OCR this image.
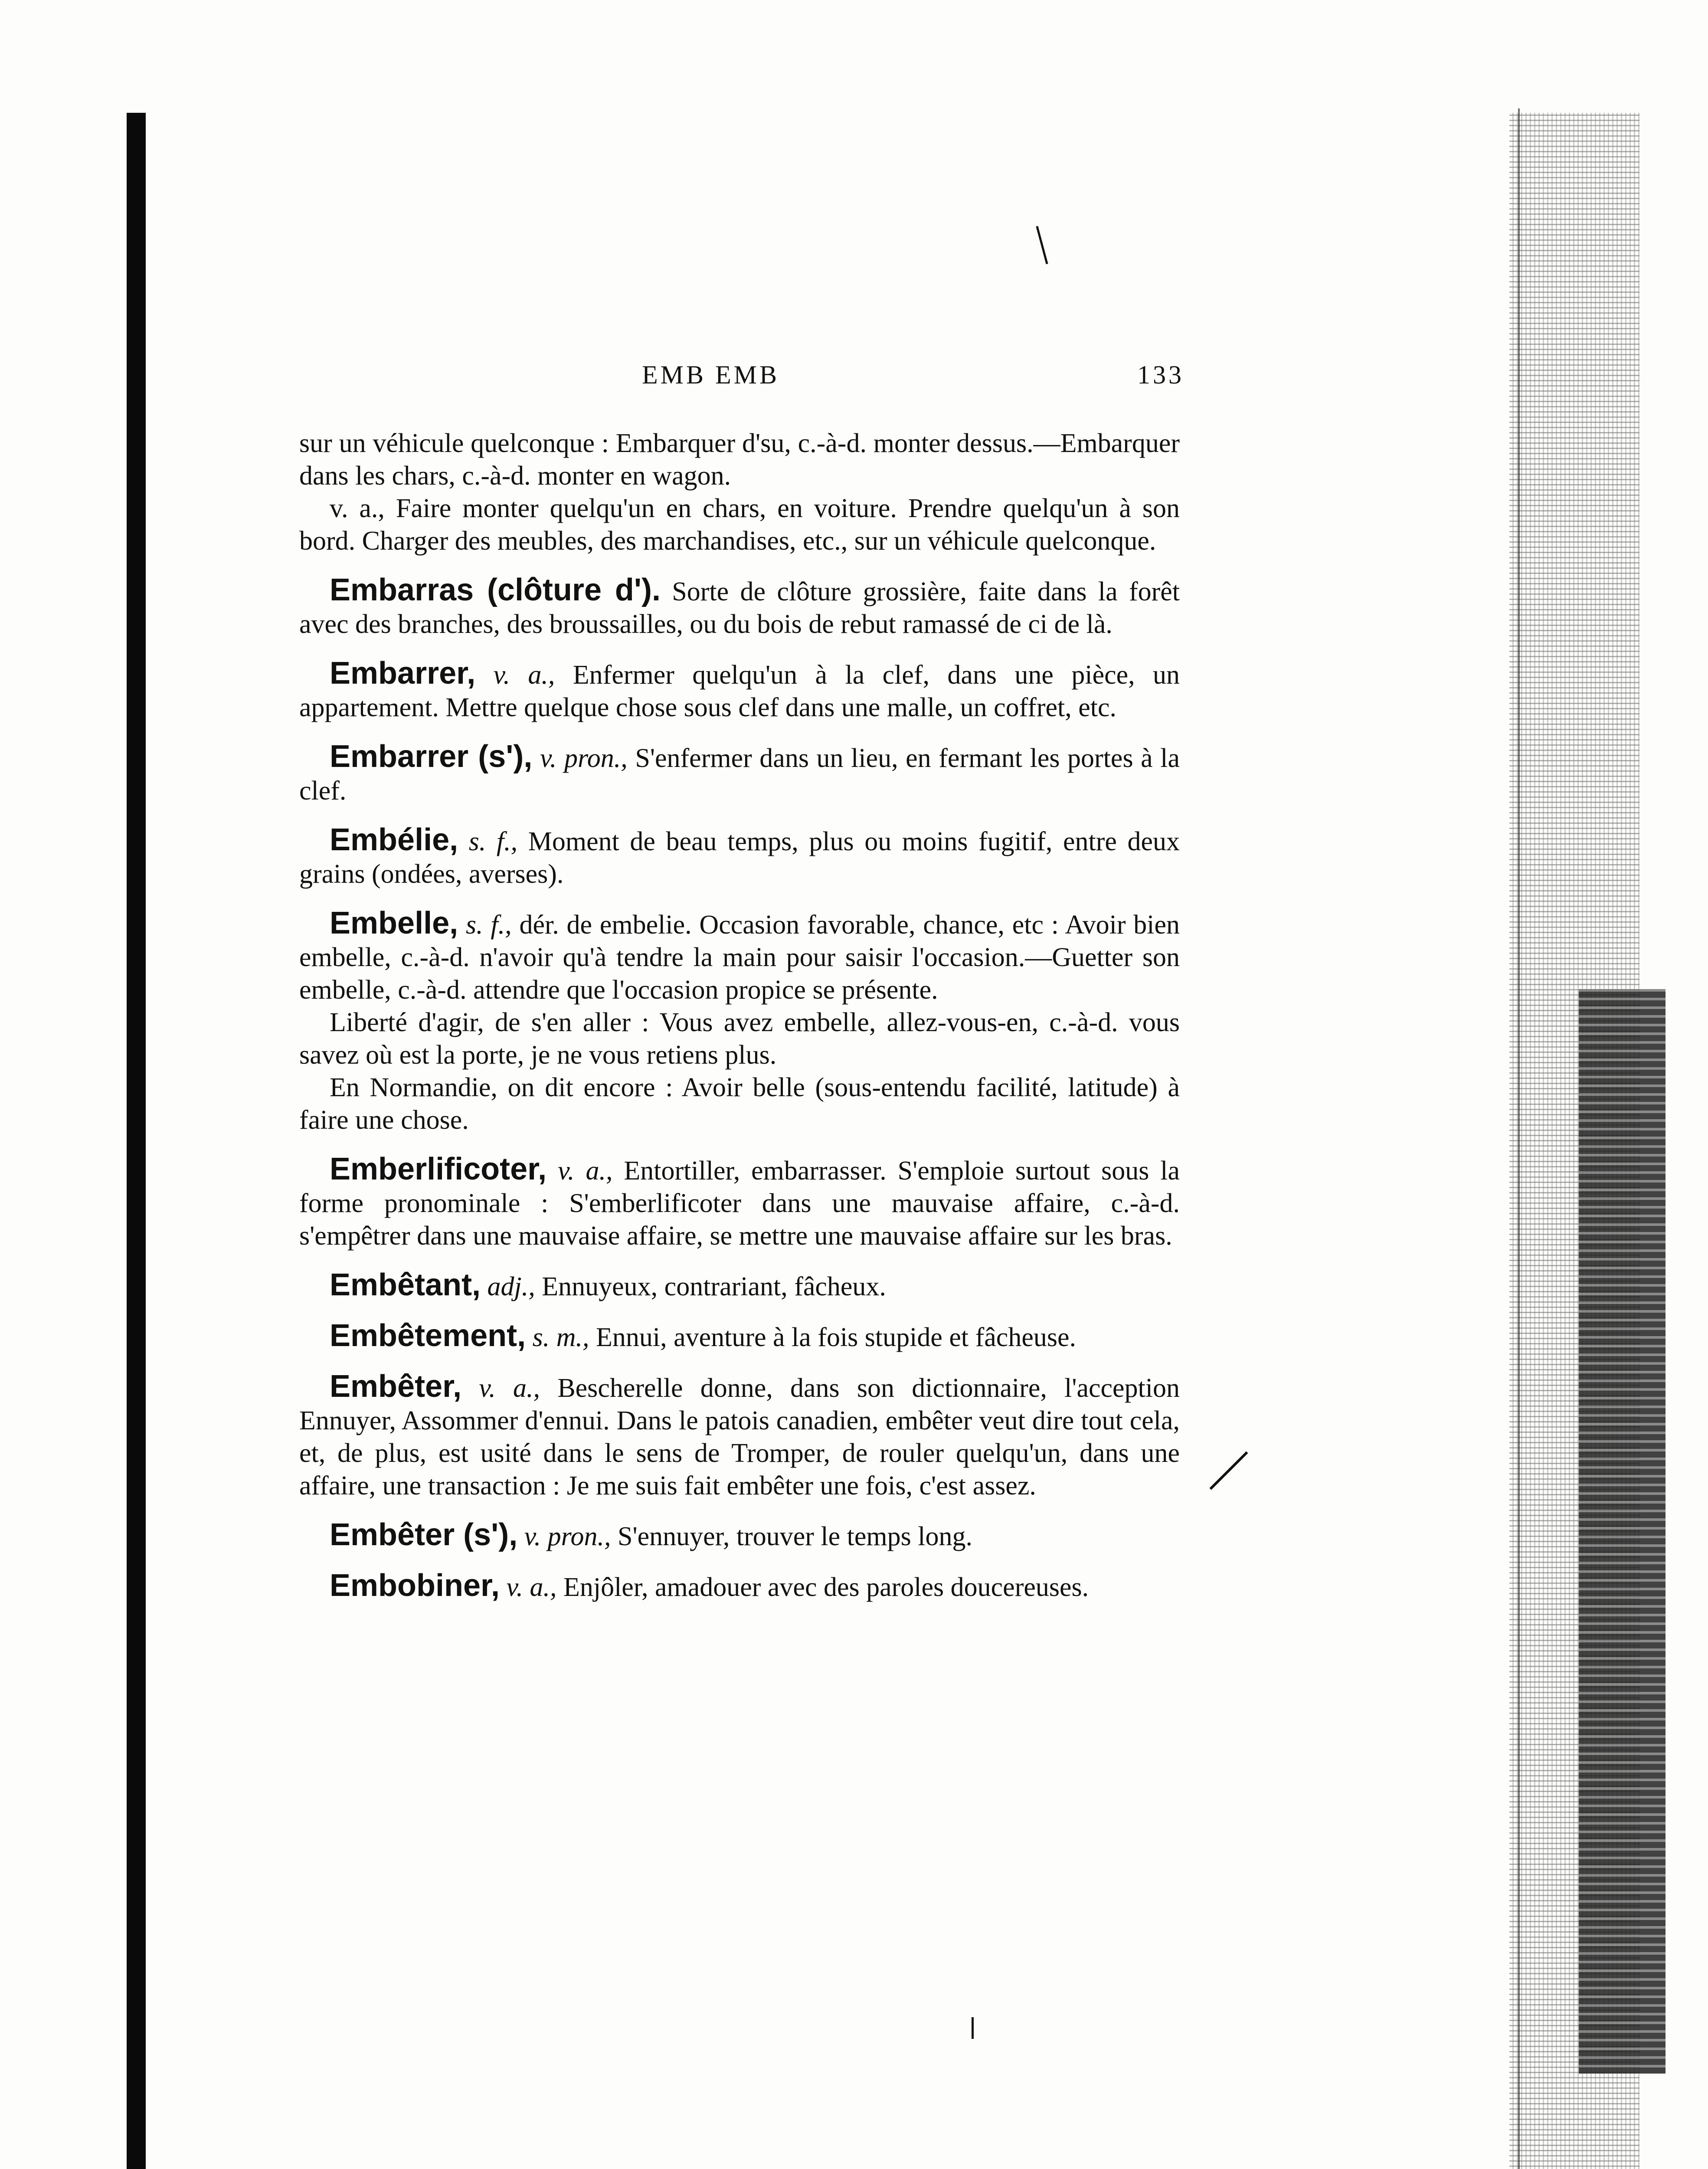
EMB EMB	133

sur un véhicule quelconque : Embarquer d'su, c.-à-d. monter dessus.—Embarquer dans les chars, c.-à-d. monter en wagon.

v. a., Faire monter quelqu'un en chars, en voiture. Prendre quelqu'un à son bord. Charger des meubles, des marchandises, etc., sur un véhicule quelconque.

Embarras (clôture d'). Sorte de clôture grossière, faite dans la forêt avec des branches, des broussailles, ou du bois de rebut ramassé de ci de là.
Embarrer, v. a., Enfermer quelqu'un à la clef, dans une pièce, un appartement. Mettre quelque chose sous clef dans une malle, un coffret, etc.
Embarrer (s'), v. pron., S'enfermer dans un lieu, en fermant les portes à la clef.
Embélie, s. f., Moment de beau temps, plus ou moins fugitif, entre deux grains (ondées, averses).
Embelle, s. f., dér. de embelie. Occasion favorable, chance, etc : Avoir bien embelle, c.-à-d. n'avoir qu'à tendre la main pour saisir l'occasion.—Guetter son embelle, c.-à-d. attendre que l'occasion propice se présente.

Liberté d'agir, de s'en aller : Vous avez embelle, allez-vous-en, c.-à-d. vous savez où est la porte, je ne vous retiens plus.

En Normandie, on dit encore : Avoir belle (sous-entendu facilité, latitude) à faire une chose.

Emberlificoter, v. a., Entortiller, embarrasser. S'emploie surtout sous la forme pronominale : S'emberlificoter dans une mauvaise affaire, c.-à-d. s'empêtrer dans une mauvaise affaire, se mettre une mauvaise affaire sur les bras.
Embêtant, adj., Ennuyeux, contrariant, fâcheux.
Embêtement, s. m., Ennui, aventure à la fois stupide et fâcheuse.
Embêter, v. a., Bescherelle donne, dans son dictionnaire, l'acception Ennuyer, Assommer d'ennui. Dans le patois canadien, embêter veut dire tout cela, et, de plus, est usité dans le sens de Tromper, de rouler quelqu'un, dans une affaire, une transaction : Je me suis fait embêter une fois, c'est assez.
Embêter (s'), v. pron., S'ennuyer, trouver le temps long.
Embobiner, v. a., Enjôler, amadouer avec des paroles doucereuses.
